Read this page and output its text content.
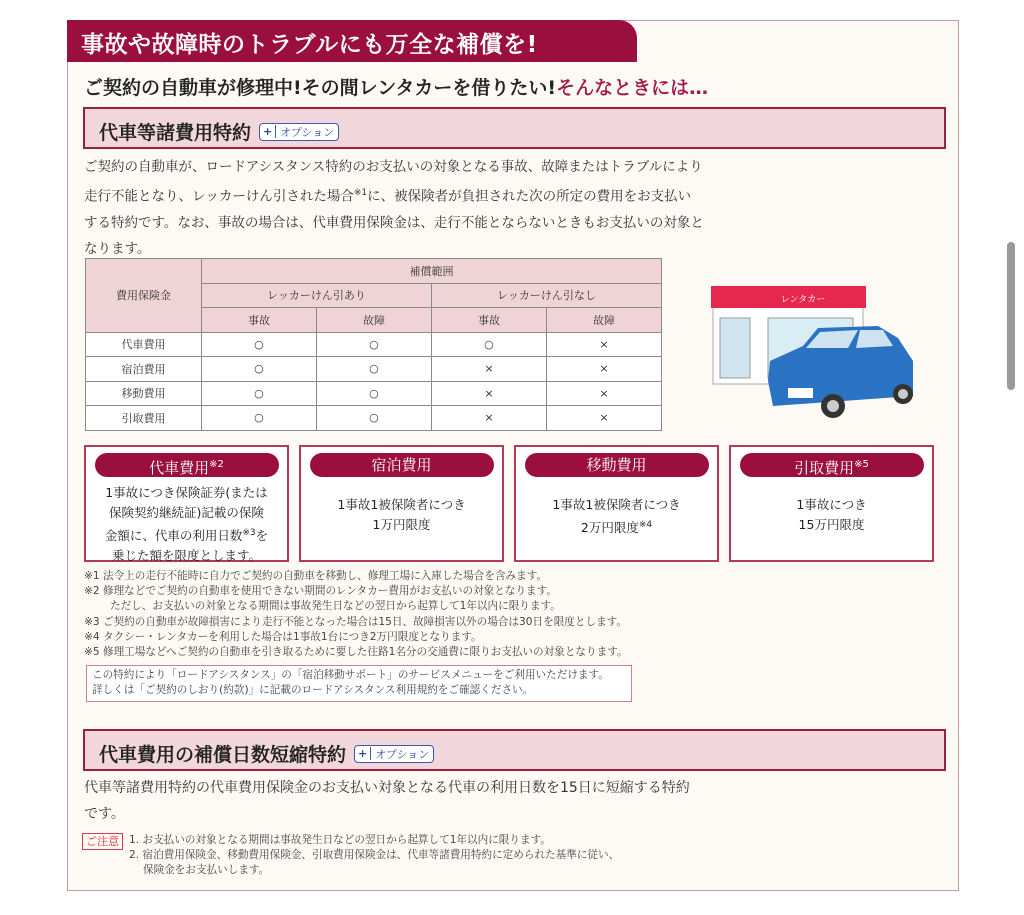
事故や故障時のトラブルにも万全な補償を!
ご契約の自動車が修理中!その間レンタカーを借りたい!そんなときには…
代車等諸費用特約 + オプション
ご契約の自動車が、ロードアシスタンス特約のお支払いの対象となる事故、故障またはトラブルにより
走行不能となり、レッカーけん引された場合$^{※1}$に、被保険者が負担された次の所定の費用をお支払い
する特約です。なお、事故の場合は、代車費用保険金は、走行不能とならないときもお支払いの対象と
なります。
費用保険金	補償範囲			
	レッカーけん引あり		レッカーけん引なし	
	事故	故障	事故	故障
代車費用	○	○	○	×
宿泊費用	○	○	×	×
移動費用	○	○	×	×
引取費用	○	○	×	×
レンタカー
代車費用$^{※2}$
1事故につき保険証券(または
保険契約継続証)記載の保険
金額に、代車の利用日数$^{※3}$を
乗じた額を限度とします。
宿泊費用
1事故1被保険者につき
1万円限度
移動費用
1事故1被保険者につき
2万円限度$^{※4}$
引取費用$^{※5}$
1事故につき
15万円限度
※1 法令上の走行不能時に自力でご契約の自動車を移動し、修理工場に入庫した場合を含みます。
※2 修理などでご契約の自動車を使用できない期間のレンタカー費用がお支払いの対象となります。
ただし、お支払いの対象となる期間は事故発生日などの翌日から起算して1年以内に限ります。
※3 ご契約の自動車が故障損害により走行不能となった場合は15日、故障損害以外の場合は30日を限度とします。
※4 タクシー・レンタカーを利用した場合は1事故1台につき2万円限度となります。
※5 修理工場などへご契約の自動車を引き取るために要した往路1名分の交通費に限りお支払いの対象となります。
この特約により「ロードアシスタンス」の「宿泊移動サポート」のサービスメニューをご利用いただけます。
詳しくは「ご契約のしおり(約款)」に記載のロードアシスタンス利用規約をご確認ください。
代車費用の補償日数短縮特約 + オプション
代車等諸費用特約の代車費用保険金のお支払い対象となる代車の利用日数を15日に短縮する特約
です。
ご注意 1. お支払いの対象となる期間は事故発生日などの翌日から起算して1年以内に限ります。
2. 宿泊費用保険金、移動費用保険金、引取費用保険金は、代車等諸費用特約に定められた基準に従い、
保険金をお支払いします。
